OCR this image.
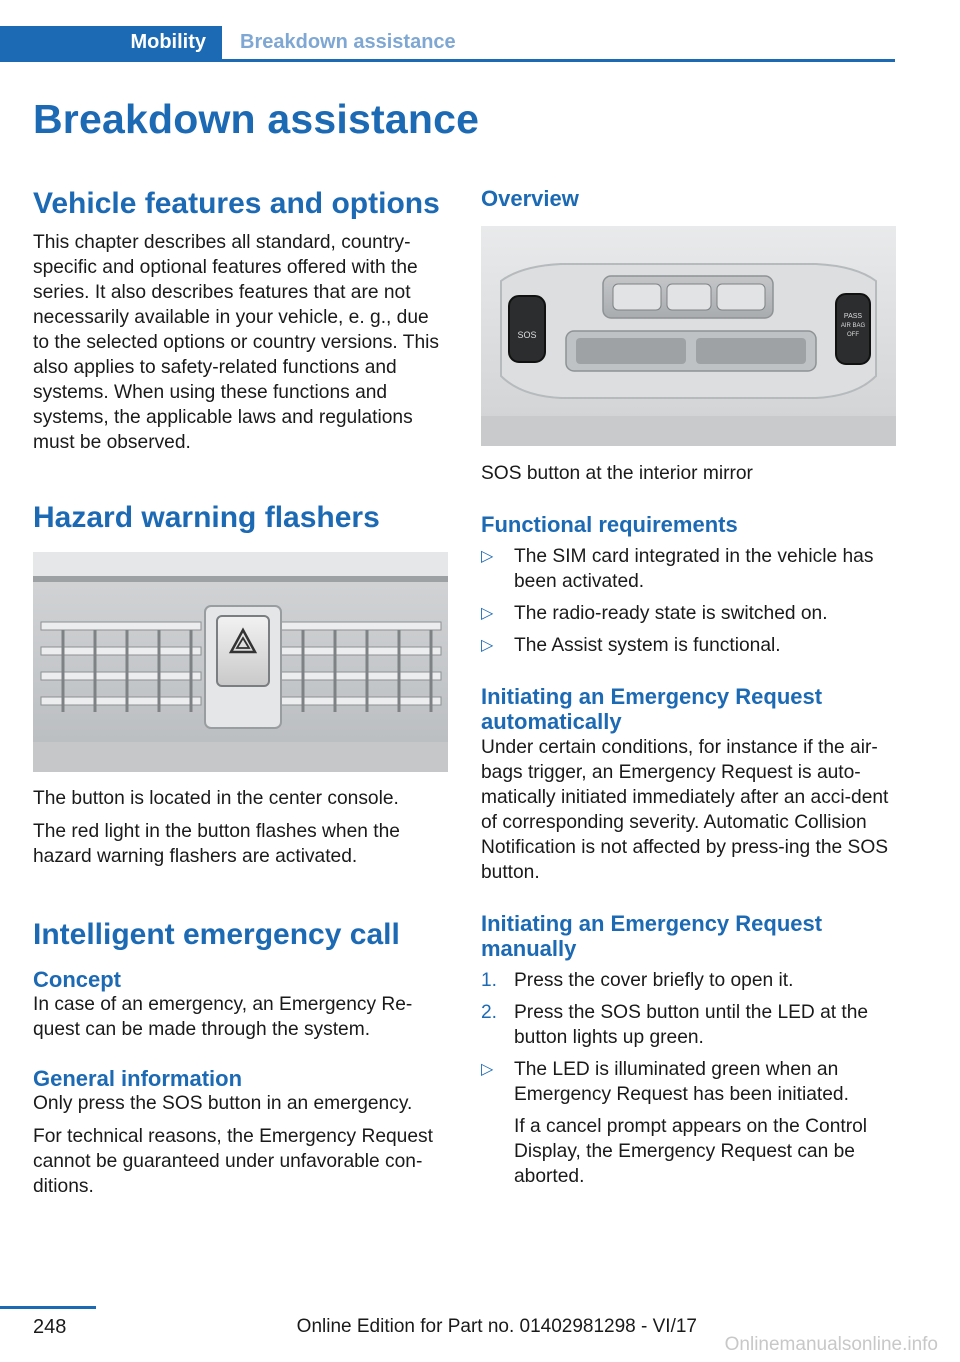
Mobility	Breakdown assistance
Breakdown assistance
Vehicle features and options

This chapter describes all standard, country-specific and optional features offered with the series. It also describes features that are not necessarily available in your vehicle, e. g., due to the selected options or country versions. This also applies to safety-related functions and systems. When using these functions and systems, the applicable laws and regulations must be observed.

Hazard warning flashers

The button is located in the center console.

The red light in the button flashes when the hazard warning flashers are activated.

Intelligent emergency call
Concept

In case of an emergency, an Emergency Re-quest can be made through the system.

General information

Only press the SOS button in an emergency.

For technical reasons, the Emergency Request cannot be guaranteed under unfavorable con-ditions.

Overview
SOS
PASS
AIR BAG
OFF

SOS button at the interior mirror

Functional requirements
▷ The SIM card integrated in the vehicle has been activated.
▷ The radio-ready state is switched on.
▷ The Assist system is functional.
Initiating an Emergency Request automatically

Under certain conditions, for instance if the air-bags trigger, an Emergency Request is auto-matically initiated immediately after an acci-dent of corresponding severity. Automatic Collision Notification is not affected by press-ing the SOS button.

Initiating an Emergency Request manually
1. Press the cover briefly to open it.
2. Press the SOS button until the LED at the button lights up green.
▷ The LED is illuminated green when an Emergency Request has been initiated.
If a cancel prompt appears on the Control Display, the Emergency Request can be aborted.
248	Online Edition for Part no. 01402981298 - VI/17
Onlinemanualsonline.info
